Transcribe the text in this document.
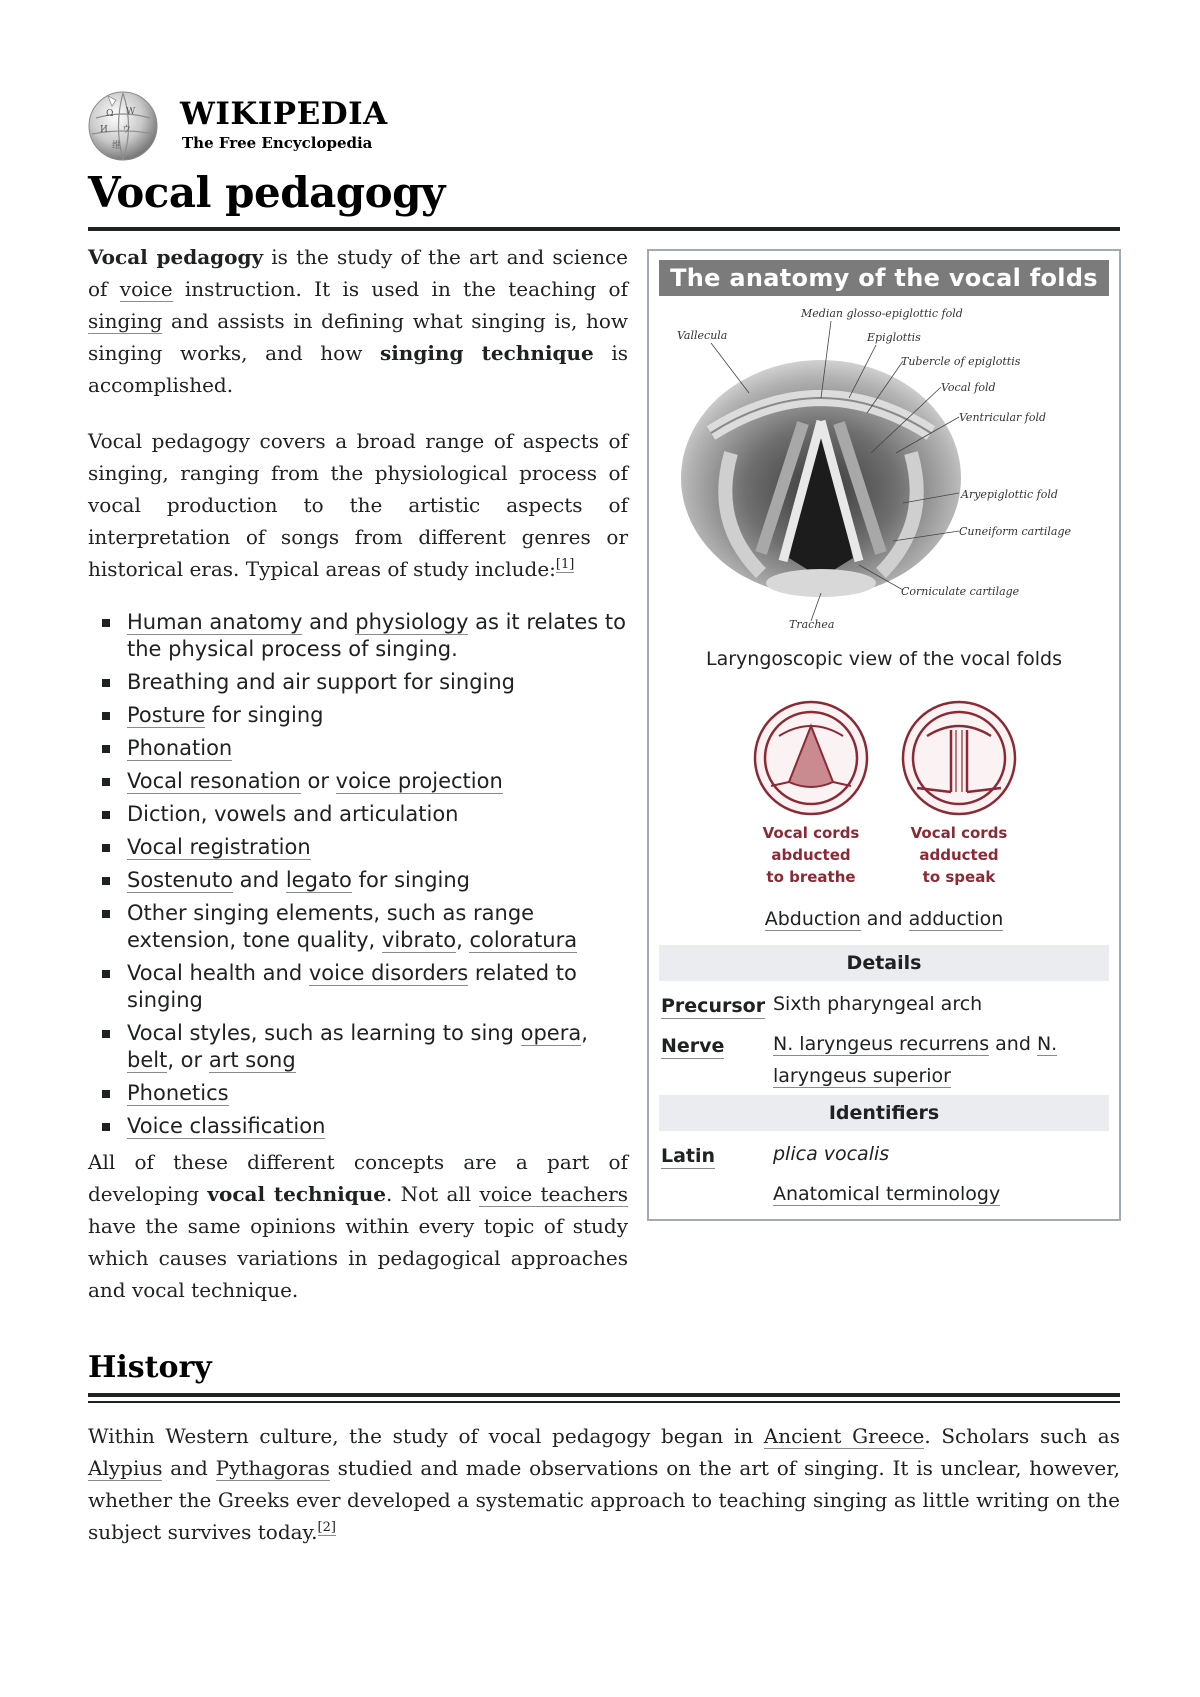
Ω W
И ウ
维
WIKIPEDIA
The Free Encyclopedia
Vocal pedagogy

Vocal pedagogy is the study of the art and science of voice instruction. It is used in the teaching of singing and assists in defining what singing is, how singing works, and how singing technique is accomplished.

Vocal pedagogy covers a broad range of aspects of singing, ranging from the physiological process of vocal production to the artistic aspects of interpretation of songs from different genres or historical eras. Typical areas of study include:[1]

Human anatomy and physiology as it relates to the physical process of singing.
Breathing and air support for singing
Posture for singing
Phonation
Vocal resonation or voice projection
Diction, vowels and articulation
Vocal registration
Sostenuto and legato for singing
Other singing elements, such as range extension, tone quality, vibrato, coloratura
Vocal health and voice disorders related to singing
Vocal styles, such as learning to sing opera, belt, or art song
Phonetics
Voice classification

All of these different concepts are a part of developing vocal technique. Not all voice teachers have the same opinions within every topic of study which causes variations in pedagogical approaches and vocal technique.

The anatomy of the vocal folds
Median glosso-epiglottic fold
Vallecula	Epiglottis
Tubercle of epiglottis
Vocal fold
Ventricular fold
Aryepiglottic fold
Cuneiform cartilage
Corniculate cartilage
Trachea
Laryngoscopic view of the vocal folds
Vocal cords
abducted
to breathe
Vocal cords
adducted
to speak
Abduction and adduction
Details
Precursor Sixth pharyngeal arch
Nerve	N. laryngeus recurrens and N. laryngeus superior
Identifiers
Latin	plica vocalis
Anatomical terminology
History

Within Western culture, the study of vocal pedagogy began in Ancient Greece. Scholars such as Alypius and Pythagoras studied and made observations on the art of singing. It is unclear, however, whether the Greeks ever developed a systematic approach to teaching singing as little writing on the subject survives today.[2]
